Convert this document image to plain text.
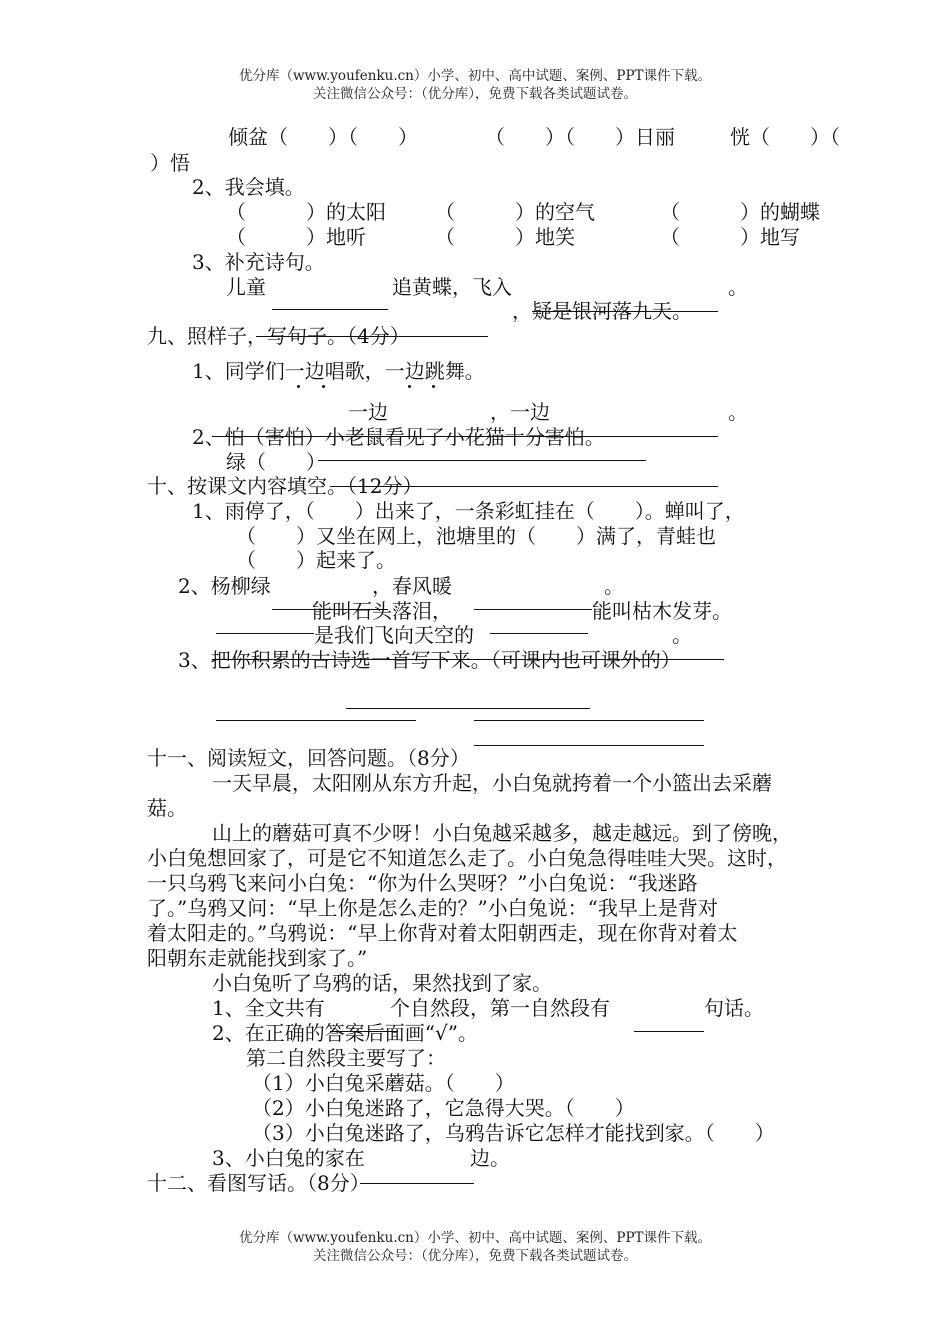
优分库（www.youfenku.cn）小学、初中、高中试题、案例、PPT课件下载。
关注微信公众号：（优分库），免费下载各类试题试卷。
倾盆（　　）（　　）	（　　）（　　）日丽	恍（　　）（
）悟
2、我会填。
（　　　）的太阳 （　　　）的空气	（　　　）的蝴蝶
（　　　）地听	（　　　）地笑	（　　　）地写
3、补充诗句。
儿童	追黄蝶，飞入	。
，疑是银河落九天。
九、照样子，写句子。（4分）
1、同学们一边唱歌，一边跳舞。
一边	，一边	。
2、怕（害怕）小老鼠看见了小花猫十分害怕。
绿（　　）
十、按课文内容填空。（12分）
1、雨停了，（　　）出来了，一条彩虹挂在（　　）。蝉叫了，
（　　）又坐在网上，池塘里的（　　）满了，青蛙也
（　　）起来了。
2、杨柳绿	，春风暖	。
能叫石头落泪，	能叫枯木发芽。
是我们飞向天空的	。
3、把你积累的古诗选一首写下来。（可课内也可课外的）
十一、阅读短文，回答问题。（8分）
一天早晨，太阳刚从东方升起，小白兔就挎着一个小篮出去采蘑
菇。
山上的蘑菇可真不少呀！小白兔越采越多，越走越远。到了傍晚，
小白兔想回家了，可是它不知道怎么走了。小白兔急得哇哇大哭。这时，
一只乌鸦飞来问小白兔：“你为什么哭呀？”小白兔说：“我迷路
了。”乌鸦又问：“早上你是怎么走的？”小白兔说：“我早上是背对
着太阳走的。”乌鸦说：“早上你背对着太阳朝西走，现在你背对着太
阳朝东走就能找到家了。”
小白兔听了乌鸦的话，果然找到了家。
1、全文共有	个自然段，第一自然段有	句话。
2、在正确的答案后面画“√”。
第二自然段主要写了：
（1）小白兔采蘑菇。（　　）
（2）小白兔迷路了，它急得大哭。（　　）
（3）小白兔迷路了，乌鸦告诉它怎样才能找到家。（　　）
3、小白兔的家在	边。
十二、看图写话。（8分）
优分库（www.youfenku.cn）小学、初中、高中试题、案例、PPT课件下载。
关注微信公众号：（优分库），免费下载各类试题试卷。
